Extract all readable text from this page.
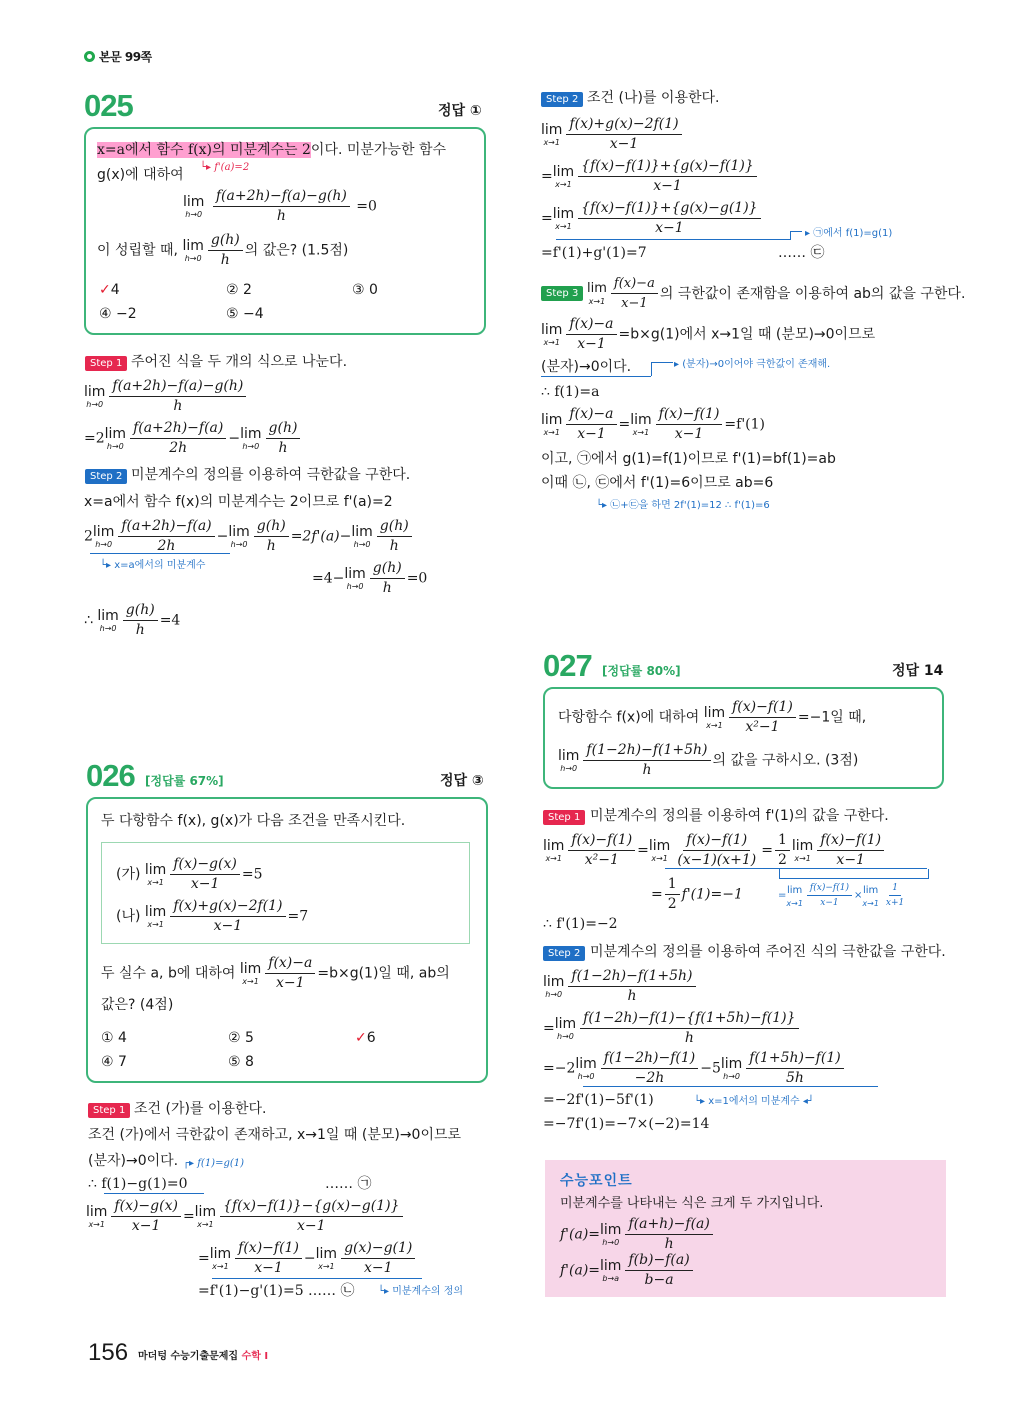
본문 99쪽
025	정답 ①
x=a에서 함수 f(x)의 미분계수는 2이다. 미분가능한 함수
└▸ f'(a)=2
g(x)에 대하여
lim
h→0
$\frac{f(a+2h)-f(a)-g(h)}{h} =0$
이 성립할 때, lim
$h\to 0 \frac{g(h)}{h}$ 의 값은? (1.5점)
✓4	② 2	③ 0
④ −2	⑤ −4
Step 1 주어진 식을 두 개의 식으로 나눈다.
lim
$h\to 0 \frac{f(a+2h)-f(a)-g(h)}{h}$
=2 lim
$h\to 0 \frac{f(a+2h)-f(a)}{2h} - \lim$
$h\to 0 \frac{g(h)}{h}$
Step 2 미분계수의 정의를 이용하여 극한값을 구한다.
x=a에서 함수 f(x)의 미분계수는 2이므로 f'(a)=2
2 lim
$h\to 0 \frac{f(a+2h)-f(a)}{2h} - \lim$
$h\to 0 \frac{g(h)}{h} =2f'(a)- \lim$
$h\to 0 \frac{g(h)}{h}$
└▸ x=a에서의 미분계수
=4− lim
$h\to 0 \frac{g(h)}{h} =0$
∴ lim
$h\to 0 \frac{g(h)}{h} =4$
026 [정답률 67%]	정답 ③
두 다항함수 f(x), g(x)가 다음 조건을 만족시킨다.
(가) lim
$x\to 1 \frac{f(x)-g(x)}{x-1} =5$
(나) lim
$x\to 1 \frac{f(x)+g(x)-2f(1)}{x-1} =7$
두 실수 a, b에 대하여 lim
$x\to 1 \frac{f(x)-a}{x-1} =b\times g(1)$일 때, ab의
값은? (4점)
① 4	② 5	✓6
④ 7	⑤ 8
Step 1 조건 (가)를 이용한다.
조건 (가)에서 극한값이 존재하고, x→1일 때 (분모)→0이므로
(분자)→0이다. ┌▸ f(1)=g(1)
∴ f(1)−g(1)=0	…… ㉠
lim
$x\to 1 \frac{f(x)-g(x)}{x-1} = \lim$
$x\to 1 \frac{\{f(x)-f(1)\}-\{g(x)-g(1)\}}{x-1}$
= lim
$x\to 1 \frac{f(x)-f(1)}{x-1} - \lim$
$x\to 1 \frac{g(x)-g(1)}{x-1}$
=f'(1)−g'(1)=5 …… ㉡ └▸ 미분계수의 정의
Step 2 조건 (나)를 이용한다.
lim
$x\to 1 \frac{f(x)+g(x)-2f(1)}{x-1}$
= lim
$x\to 1 \frac{\{f(x)-f(1)\}+\{g(x)-f(1)\}}{x-1}$
= lim
$x\to 1 \frac{\{f(x)-f(1)\}+\{g(x)-g(1)\}}{x-1}$	▸ ㉠에서 f(1)=g(1)
=f'(1)+g'(1)=7	…… ㉢
Step 3 lim
$x\to 1 \frac{f(x)-a}{x-1}$ 의 극한값이 존재함을 이용하여 ab의 값을 구한다.
lim
$x\to 1 \frac{f(x)-a}{x-1} =b\times g(1)$에서 x→1일 때 (분모)→0이므로
(분자)→0이다.	▸ (분자)→0이어야 극한값이 존재해.
∴ f(1)=a
lim
$x\to 1 \frac{f(x)-a}{x-1} = \lim$
$x\to 1 \frac{f(x)-f(1)}{x-1} =f'(1)$
이고, ㉠에서 g(1)=f(1)이므로 f'(1)=bf(1)=ab
이때 ㉡, ㉢에서 f'(1)=6이므로 ab=6
└▸ ㉡+㉢을 하면 2f'(1)=12 ∴ f'(1)=6
027 [정답률 80%]	정답 14
다항함수 f(x)에 대하여 lim
$x\to 1 \frac{f(x)-f(1)}{\text{x²−1}} =-1$일 때,
lim
$h\to 0 \frac{f(1-2h)-f(1+5h)}{h}$ 의 값을 구하시오. (3점)
Step 1 미분계수의 정의를 이용하여 f'(1)의 값을 구한다.
lim
$x\to 1 \frac{f(x)-f(1)}{\text{x²−1}} = \lim$
$x\to 1 \frac{f(x)-f(1)}{(x-1)(x+1)} = \frac{1}{2}$ lim
$x\to 1 \frac{f(x)-f(1)}{x-1}$
= $\frac{1}{2} f'(1)=-1$	= lim
$x\to 1 \frac{f(x)-f(1)}{x-1} \times \lim$
$x\to 1 \frac{1}{x+1}$
∴ f'(1)=−2
Step 2 미분계수의 정의를 이용하여 주어진 식의 극한값을 구한다.
lim
$h\to 0 \frac{f(1-2h)-f(1+5h)}{h}$
= lim
$h\to 0 \frac{f(1-2h)-f(1)-\{f(1+5h)-f(1)\}}{h}$
=−2 lim
$h\to 0 \frac{f(1-2h)-f(1)}{-2h} -5$ lim
$h\to 0 \frac{f(1+5h)-f(1)}{5h}$
=−2f'(1)−5f'(1)	└▸ x=1에서의 미분계수 ◂┘
=−7f'(1)=−7×(−2)=14
수능포인트
미분계수를 나타내는 식은 크게 두 가지입니다.
f'(a)= lim
$h\to 0 \frac{f(a+h)-f(a)}{h}$
f'(a)= lim
$b\to a \frac{f(b)-f(a)}{b-a}$
156 마더텅 수능기출문제집 수학 I
